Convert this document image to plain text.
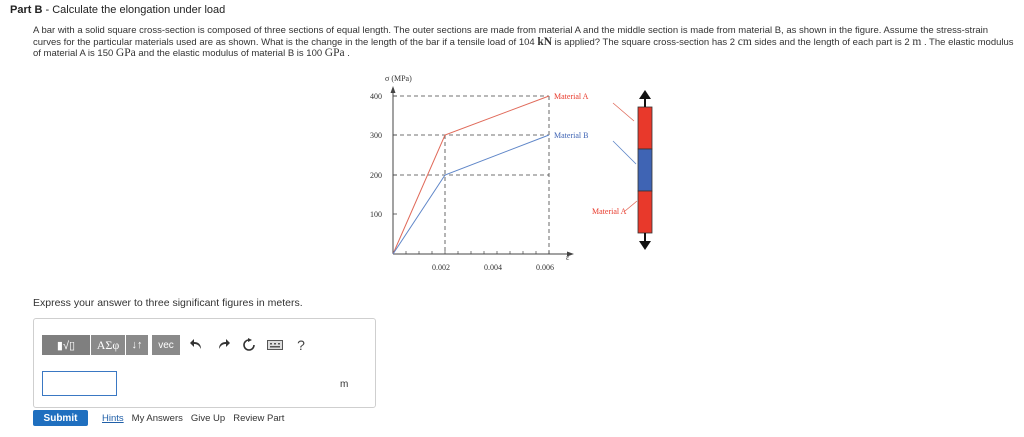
Part B - Calculate the elongation under load
A bar with a solid square cross-section is composed of three sections of equal length. The outer sections are made from material A and the middle section is made from material B, as shown in the figure. Assume the stress-strain curves for the particular materials used are as shown. What is the change in the length of the bar if a tensile load of 104 kN is applied? The square cross-section has 2 cm sides and the length of each part is 2 m . The elastic modulus of material A is 150 GPa and the elastic modulus of material B is 100 GPa .
σ (MPa)
ε
400
300
200
100
0.002	0.004	0.006
Material A
Material B
Material A
Express your answer to three significant figures in meters.
▮√▯	ΑΣφ	↓↑	vec	?
m
Submit	Hints My Answers Give Up Review Part
